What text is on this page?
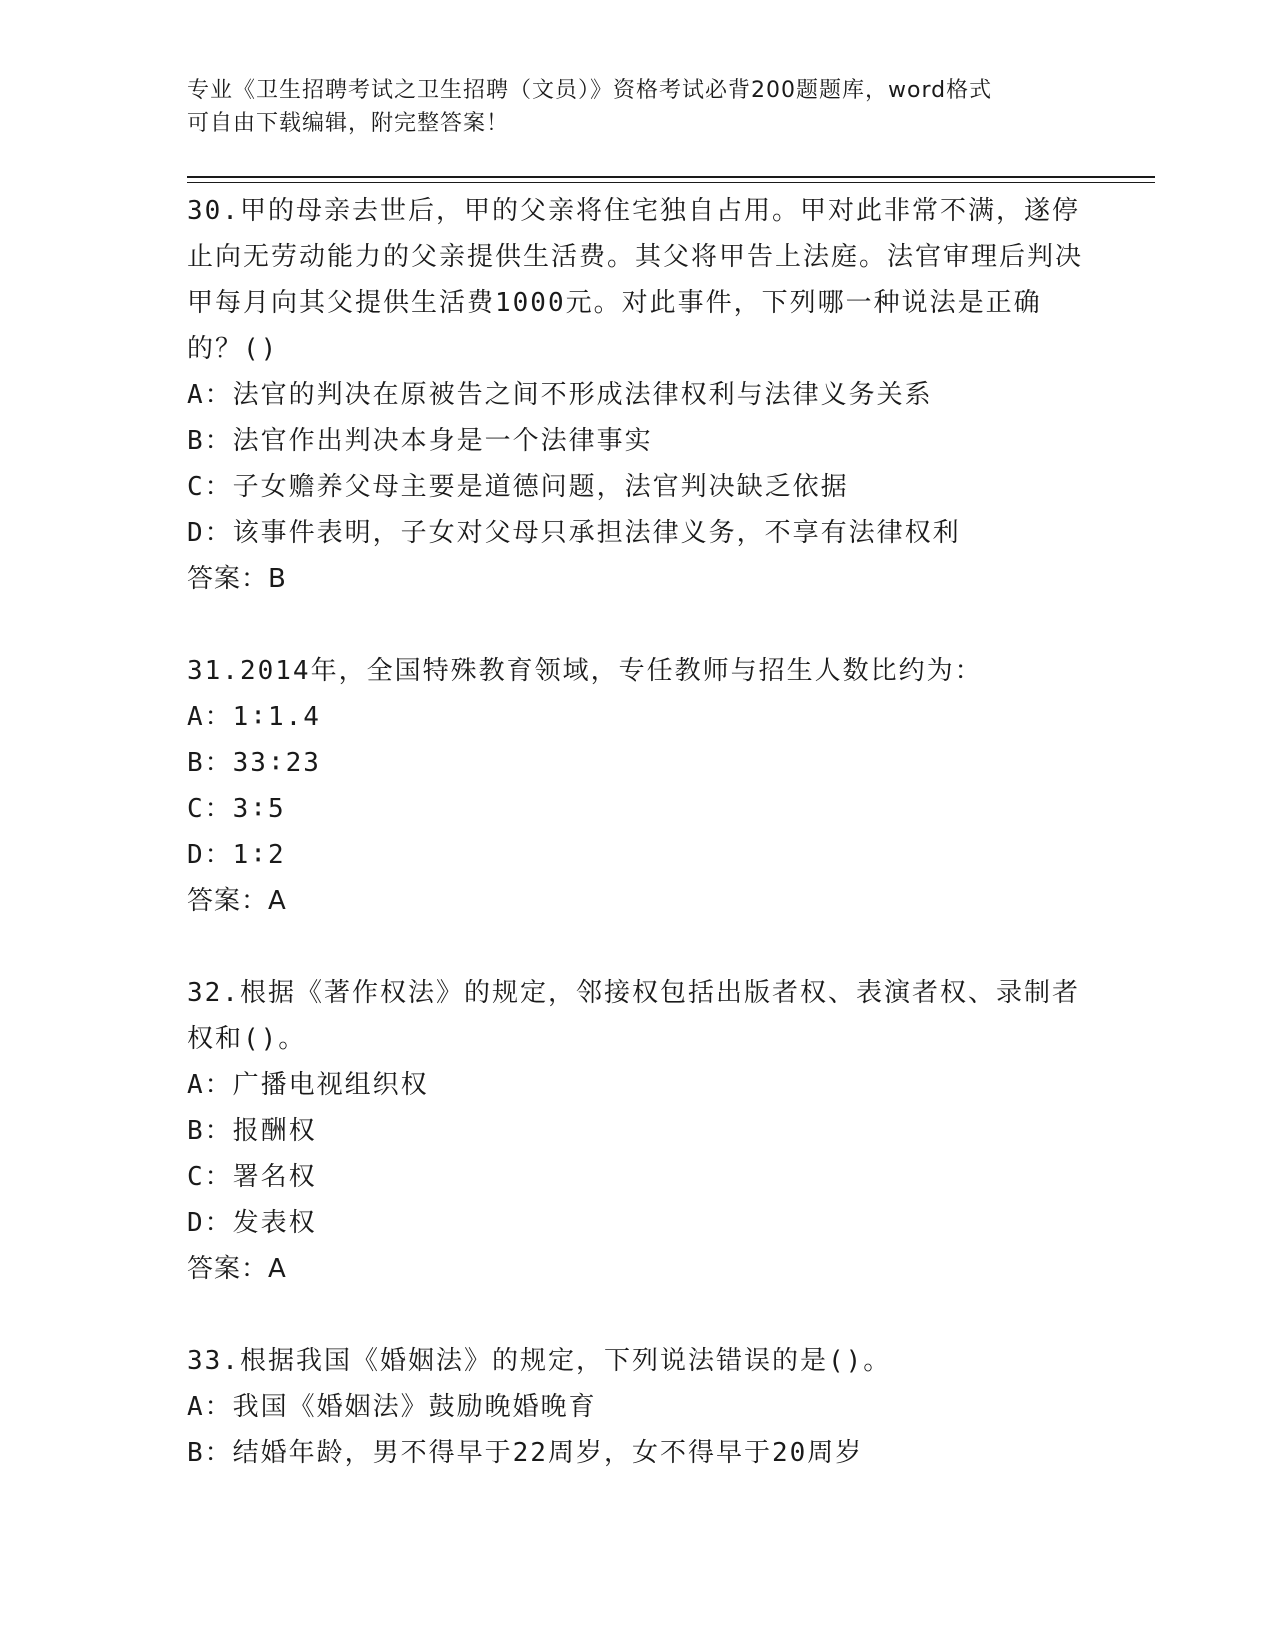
专业《卫生招聘考试之卫生招聘（文员）》资格考试必背200题题库，word格式
可自由下载编辑，附完整答案！

30.甲的母亲去世后，甲的父亲将住宅独自占用。甲对此非常不满，遂停止向无劳动能力的父亲提供生活费。其父将甲告上法庭。法官审理后判决甲每月向其父提供生活费1000元。对此事件，下列哪一种说法是正确的？()

A：法官的判决在原被告之间不形成法律权利与法律义务关系

B：法官作出判决本身是一个法律事实

C：子女赡养父母主要是道德问题，法官判决缺乏依据

D：该事件表明，子女对父母只承担法律义务，不享有法律权利

答案：B

31.2014年，全国特殊教育领域，专任教师与招生人数比约为：

A：1∶1.4

B：33∶23

C：3∶5

D：1∶2

答案：A

32.根据《著作权法》的规定，邻接权包括出版者权、表演者权、录制者权和()。

A：广播电视组织权

B：报酬权

C：署名权

D：发表权

答案：A

33.根据我国《婚姻法》的规定，下列说法错误的是()。

A：我国《婚姻法》鼓励晚婚晚育

B：结婚年龄，男不得早于22周岁，女不得早于20周岁
